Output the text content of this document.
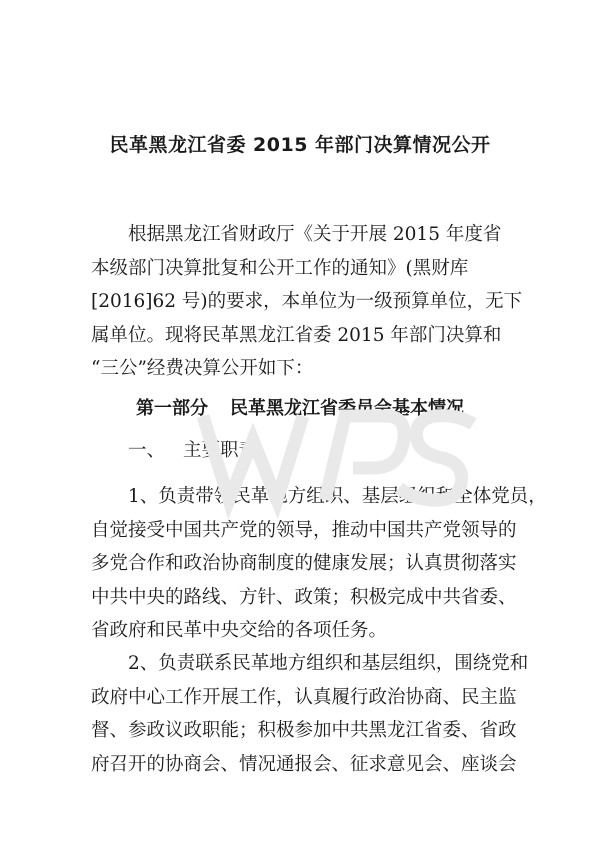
民革黑龙江省委 2015 年部门决算情况公开

根据黑龙江省财政厅《关于开展 2015 年度省
本级部门决算批复和公开工作的通知》(黑财库
[2016]62 号)的要求，本单位为一级预算单位，无下
属单位。现将民革黑龙江省委 2015 年部门决算和
“三公”经费决算公开如下：

第一部分 民革黑龙江省委员会基本情况
一、 主要职责

1、负责带领民革地方组织、基层组织和全体党员，
自觉接受中国共产党的领导，推动中国共产党领导的
多党合作和政治协商制度的健康发展；认真贯彻落实
中共中央的路线、方针、政策；积极完成中共省委、
省政府和民革中央交给的各项任务。

2、负责联系民革地方组织和基层组织，围绕党和
政府中心工作开展工作，认真履行政治协商、民主监
督、参政议政职能；积极参加中共黑龙江省委、省政
府召开的协商会、情况通报会、征求意见会、座谈会

WPS
